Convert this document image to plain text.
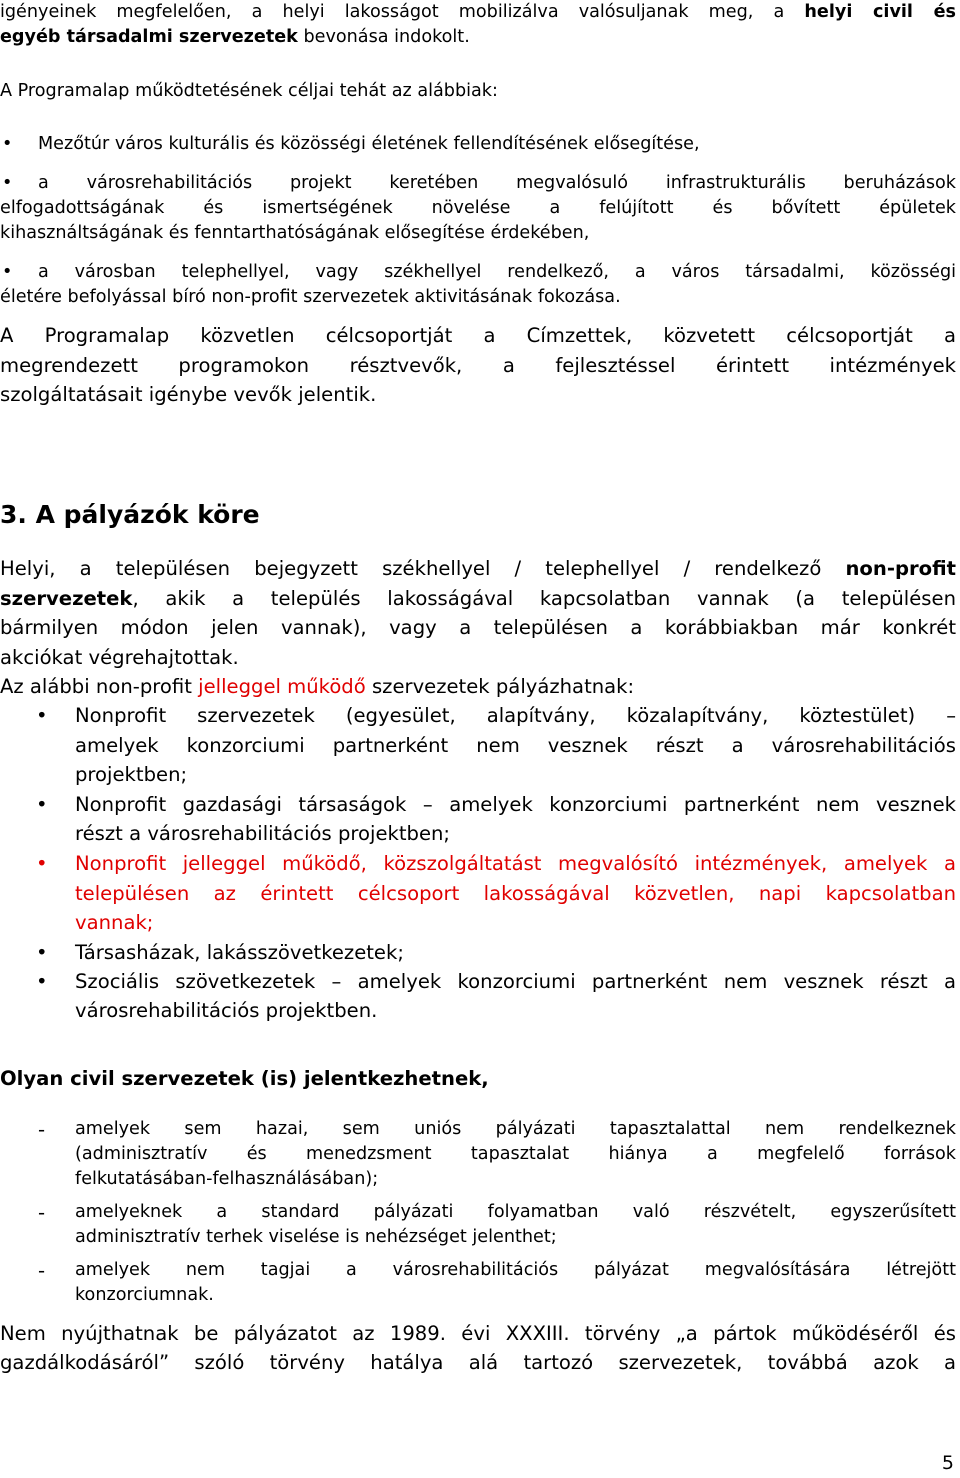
igényeinek megfelelően, a helyi lakosságot mobilizálva valósuljanak meg, a helyi civil és

egyéb társadalmi szervezetek bevonása indokolt.

A Programalap működtetésének céljai tehát az alábbiak:

• Mezőtúr város kulturális és közösségi életének fellendítésének elősegítése,

• a városrehabilitációs projekt keretében megvalósuló infrastrukturális beruházások

elfogadottságának és ismertségének növelése a felújított és bővített épületek

kihasználtságának és fenntarthatóságának elősegítése érdekében,

• a városban telephellyel, vagy székhellyel rendelkező, a város társadalmi, közösségi

életére befolyással bíró non-profit szervezetek aktivitásának fokozása.

A Programalap közvetlen célcsoportját a Címzettek, közvetett célcsoportját a

megrendezett programokon résztvevők, a fejlesztéssel érintett intézmények

szolgáltatásait igénybe vevők jelentik.

3. A pályázók köre

Helyi, a településen bejegyzett székhellyel / telephellyel / rendelkező non-profit

szervezetek, akik a település lakosságával kapcsolatban vannak (a településen

bármilyen módon jelen vannak), vagy a településen a korábbiakban már konkrét

akciókat végrehajtottak.

Az alábbi non-profit jelleggel működő szervezetek pályázhatnak:

• Nonprofit szervezetek (egyesület, alapítvány, közalapítvány, köztestület) –

amelyek konzorciumi partnerként nem vesznek részt a városrehabilitációs

projektben;

• Nonprofit gazdasági társaságok – amelyek konzorciumi partnerként nem vesznek

részt a városrehabilitációs projektben;

• Nonprofit jelleggel működő, közszolgáltatást megvalósító intézmények, amelyek a

településen az érintett célcsoport lakosságával közvetlen, napi kapcsolatban

vannak;

• Társasházak, lakásszövetkezetek;

• Szociális szövetkezetek – amelyek konzorciumi partnerként nem vesznek részt a

városrehabilitációs projektben.

Olyan civil szervezetek (is) jelentkezhetnek,

- amelyek sem hazai, sem uniós pályázati tapasztalattal nem rendelkeznek

(adminisztratív és menedzsment tapasztalat hiánya a megfelelő források

felkutatásában-felhasználásában);

- amelyeknek a standard pályázati folyamatban való részvételt, egyszerűsített

adminisztratív terhek viselése is nehézséget jelenthet;

- amelyek nem tagjai a városrehabilitációs pályázat megvalósítására létrejött

konzorciumnak.

Nem nyújthatnak be pályázatot az 1989. évi XXXIII. törvény „a pártok működéséről és

gazdálkodásáról” szóló törvény hatálya alá tartozó szervezetek, továbbá azok a

5
